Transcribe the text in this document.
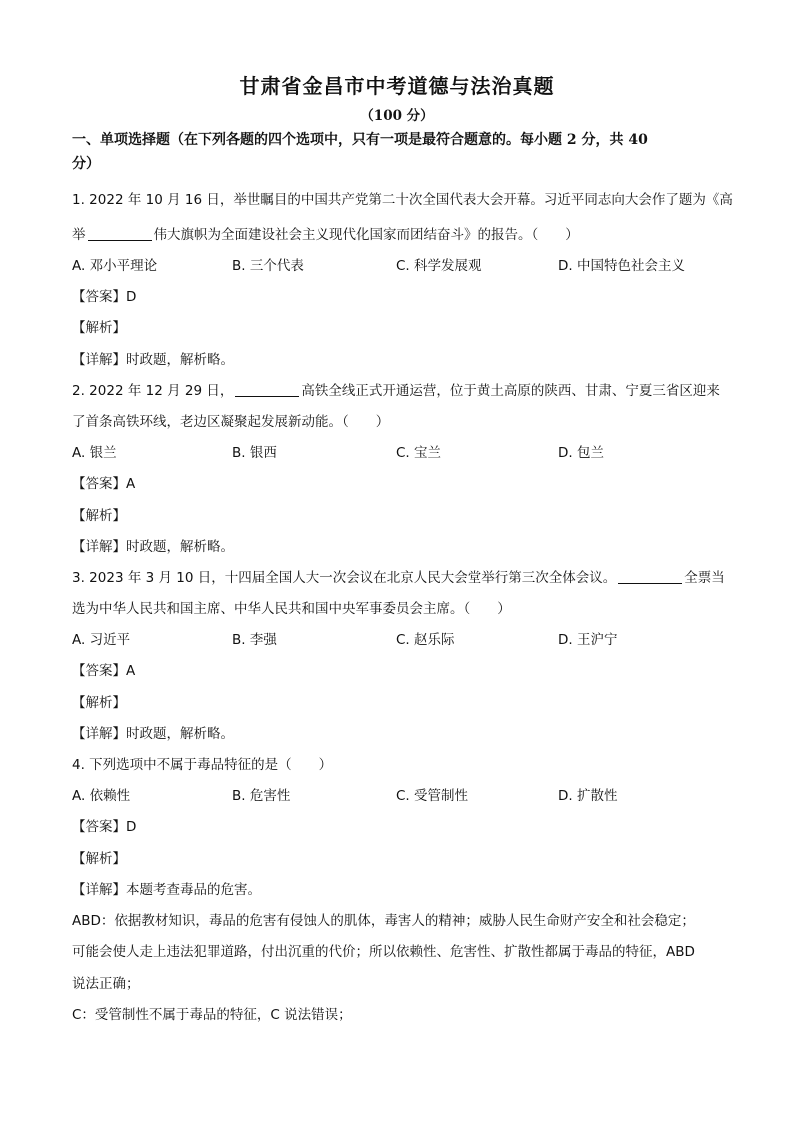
甘肃省金昌市中考道德与法治真题
（100 分）
一、单项选择题（在下列各题的四个选项中，只有一项是最符合题意的。每小题 2 分，共 40
分）
1. 2022 年 10 月 16 日，举世瞩目的中国共产党第二十次全国代表大会开幕。习近平同志向大会作了题为《高
举	伟大旗帜为全面建设社会主义现代化国家而团结奋斗》的报告。（　　）
A. 邓小平理论	B. 三个代表	C. 科学发展观	D. 中国特色社会主义
【答案】D
【解析】
【详解】时政题，解析略。
2. 2022 年 12 月 29 日，	高铁全线正式开通运营，位于黄土高原的陕西、甘肃、宁夏三省区迎来
了首条高铁环线，老边区凝聚起发展新动能。（　　）
A. 银兰	B. 银西	C. 宝兰	D. 包兰
【答案】A
【解析】
【详解】时政题，解析略。
3. 2023 年 3 月 10 日，十四届全国人大一次会议在北京人民大会堂举行第三次全体会议。	全票当
选为中华人民共和国主席、中华人民共和国中央军事委员会主席。（　　）
A. 习近平	B. 李强	C. 赵乐际	D. 王沪宁
【答案】A
【解析】
【详解】时政题，解析略。
4. 下列选项中不属于毒品特征的是（　　）
A. 依赖性	B. 危害性	C. 受管制性	D. 扩散性
【答案】D
【解析】
【详解】本题考查毒品的危害。
ABD：依据教材知识，毒品的危害有侵蚀人的肌体，毒害人的精神；威胁人民生命财产安全和社会稳定；
可能会使人走上违法犯罪道路，付出沉重的代价；所以依赖性、危害性、扩散性都属于毒品的特征，ABD
说法正确；
C：受管制性不属于毒品的特征，C 说法错误；
